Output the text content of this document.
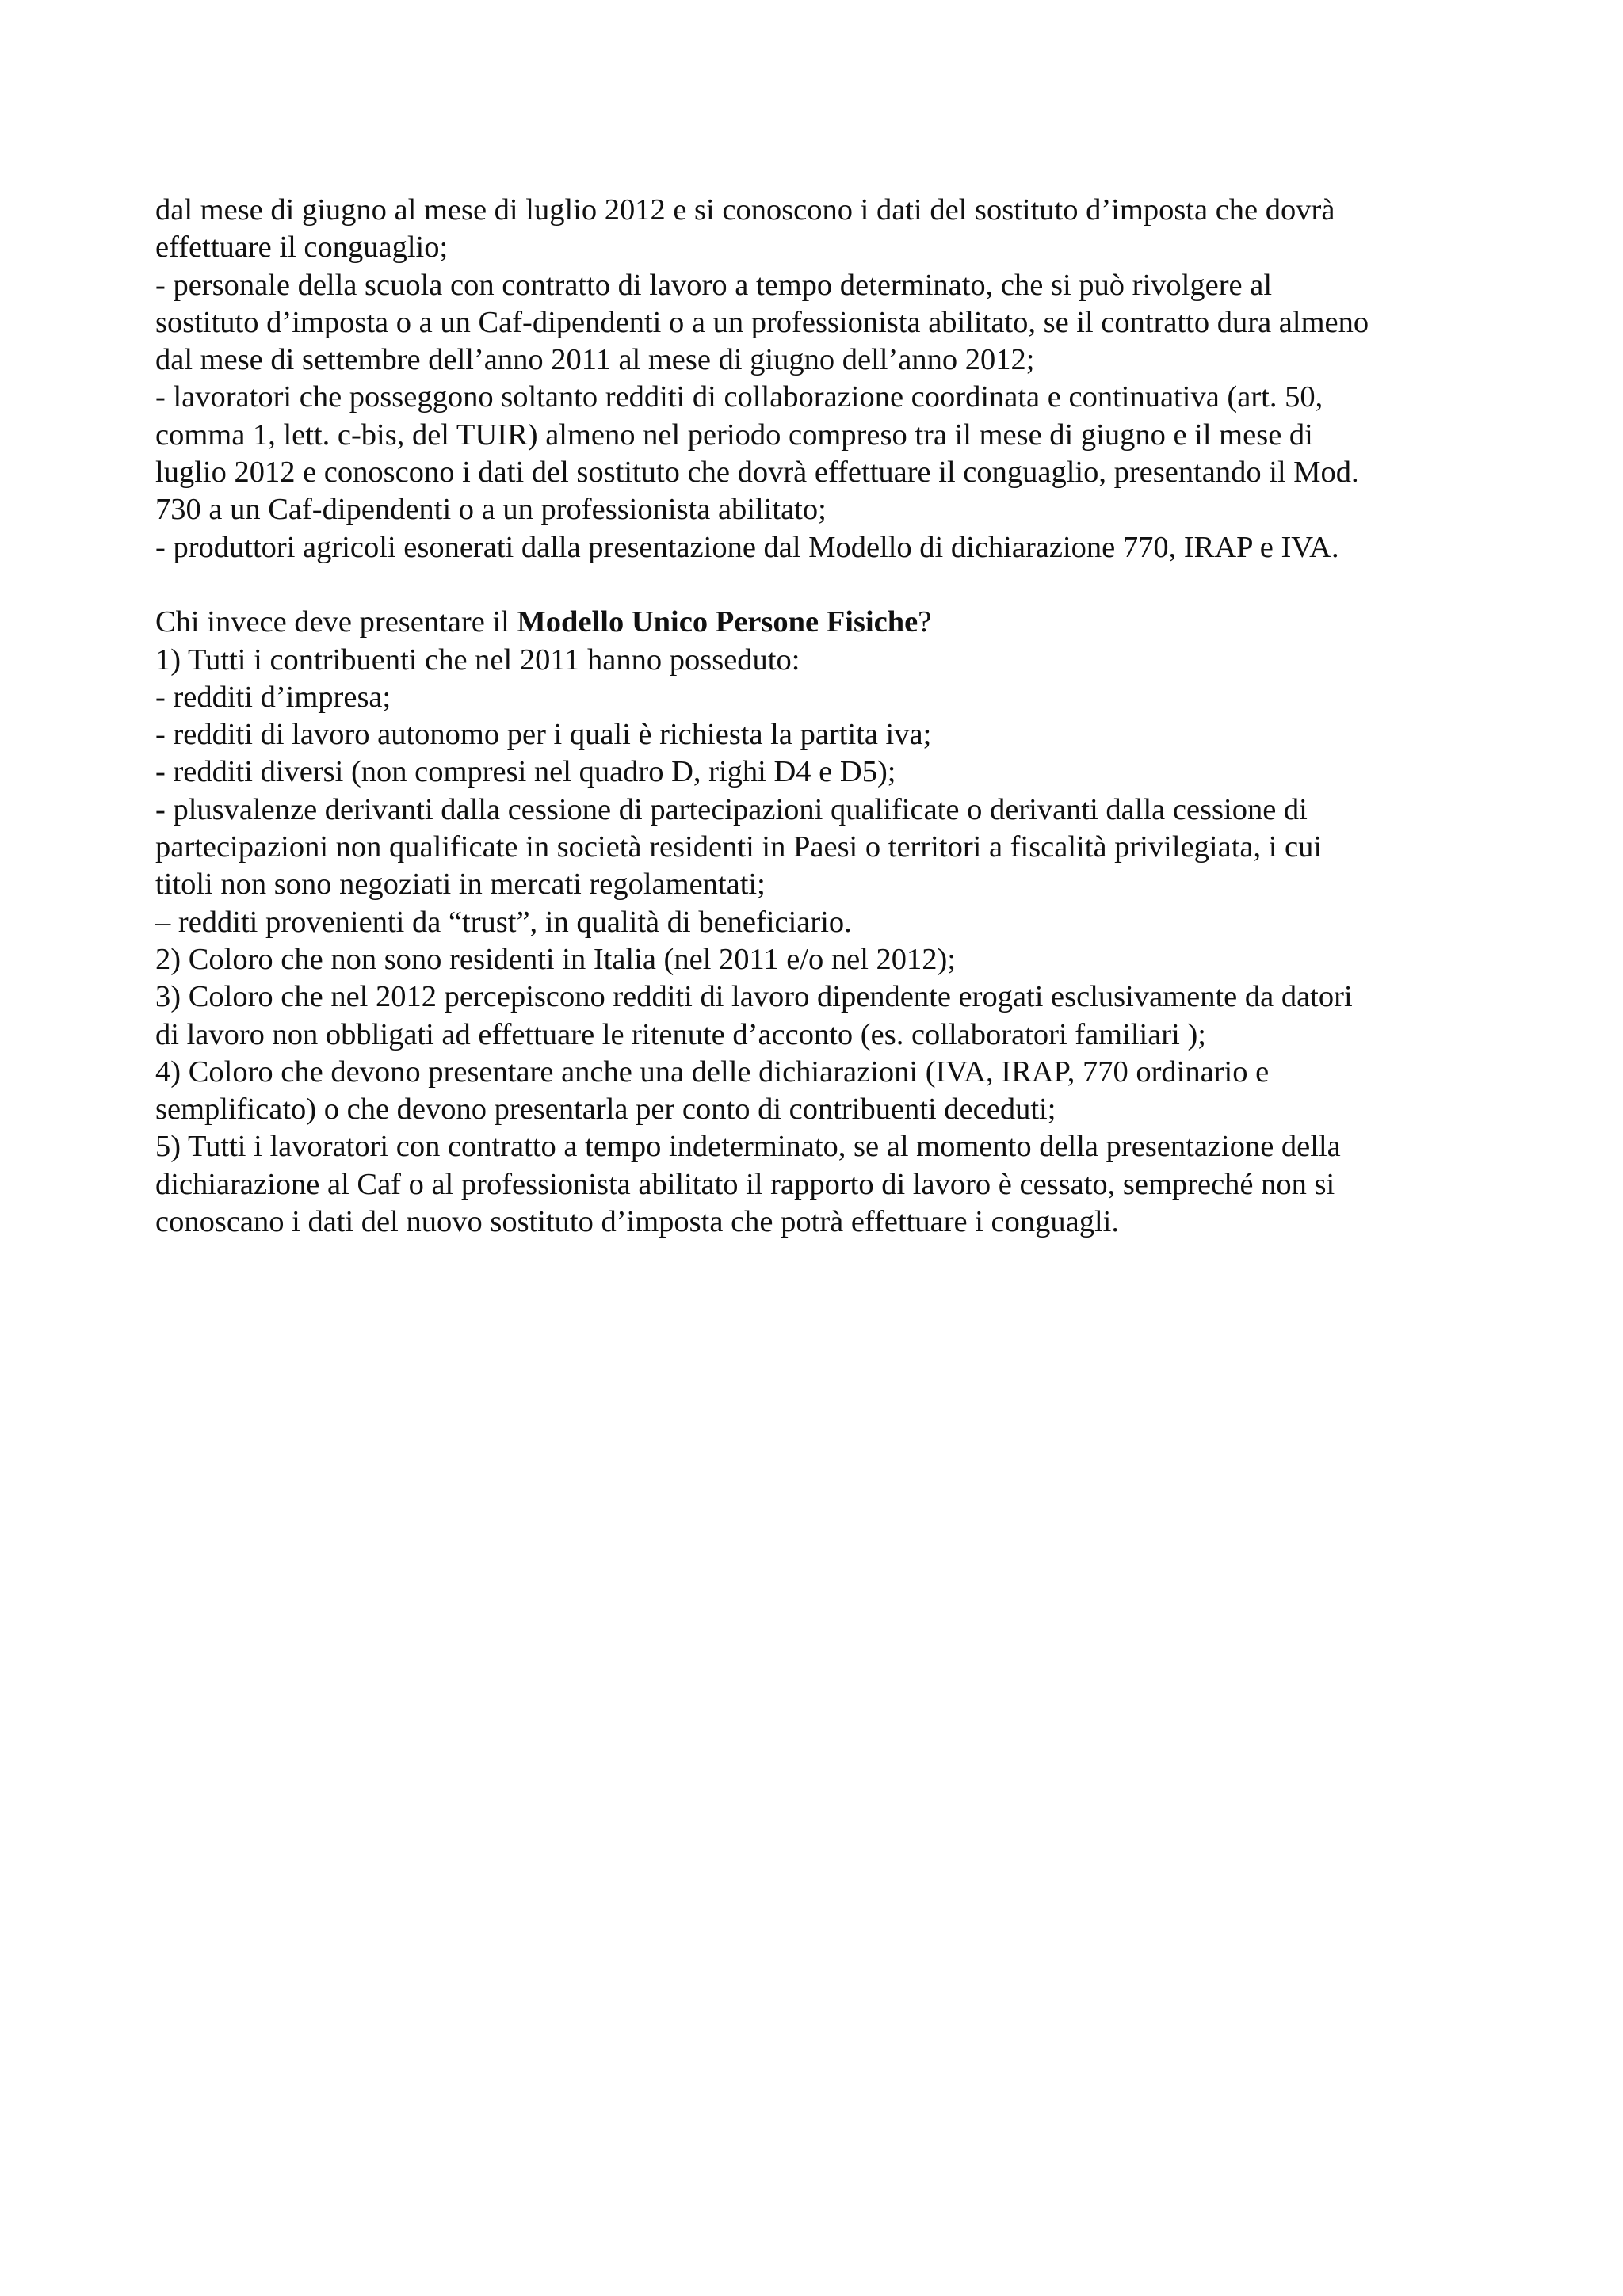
dal mese di giugno al mese di luglio 2012 e si conoscono i dati del sostituto d’imposta che dovrà
effettuare il conguaglio;
- personale della scuola con contratto di lavoro a tempo determinato, che si può rivolgere al
sostituto d’imposta o a un Caf-dipendenti o a un professionista abilitato, se il contratto dura almeno
dal mese di settembre dell’anno 2011 al mese di giugno dell’anno 2012;
- lavoratori che posseggono soltanto redditi di collaborazione coordinata e continuativa (art. 50,
comma 1, lett. c-bis, del TUIR) almeno nel periodo compreso tra il mese di giugno e il mese di
luglio 2012 e conoscono i dati del sostituto che dovrà effettuare il conguaglio, presentando il Mod.
730 a un Caf-dipendenti o a un professionista abilitato;
- produttori agricoli esonerati dalla presentazione dal Modello di dichiarazione 770, IRAP e IVA.
Chi invece deve presentare il Modello Unico Persone Fisiche?
1) Tutti i contribuenti che nel 2011 hanno posseduto:
- redditi d’impresa;
- redditi di lavoro autonomo per i quali è richiesta la partita iva;
- redditi diversi (non compresi nel quadro D, righi D4 e D5);
- plusvalenze derivanti dalla cessione di partecipazioni qualificate o derivanti dalla cessione di
partecipazioni non qualificate in società residenti in Paesi o territori a fiscalità privilegiata, i cui
titoli non sono negoziati in mercati regolamentati;
– redditi provenienti da “trust”, in qualità di beneficiario.
2) Coloro che non sono residenti in Italia (nel 2011 e/o nel 2012);
3) Coloro che nel 2012 percepiscono redditi di lavoro dipendente erogati esclusivamente da datori
di lavoro non obbligati ad effettuare le ritenute d’acconto (es. collaboratori familiari );
4) Coloro che devono presentare anche una delle dichiarazioni (IVA, IRAP, 770 ordinario e
semplificato) o che devono presentarla per conto di contribuenti deceduti;
5) Tutti i lavoratori con contratto a tempo indeterminato, se al momento della presentazione della
dichiarazione al Caf o al professionista abilitato il rapporto di lavoro è cessato, sempreché non si
conoscano i dati del nuovo sostituto d’imposta che potrà effettuare i conguagli.
